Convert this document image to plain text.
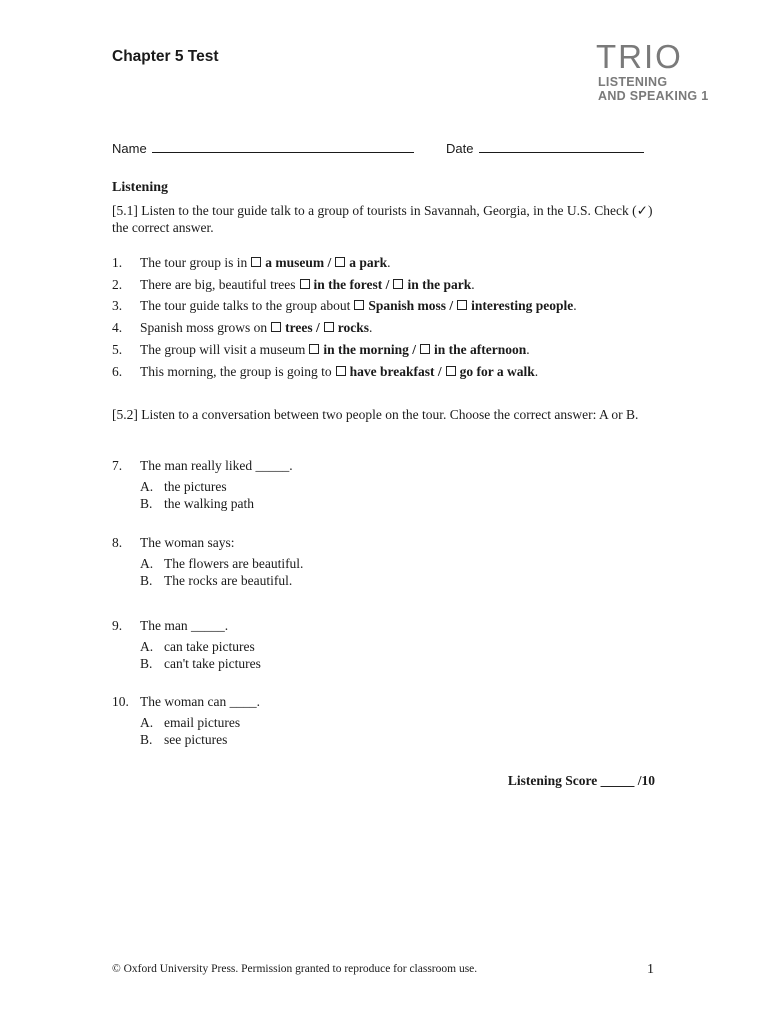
Chapter 5 Test	TRIO
LISTENING
AND SPEAKING 1
Name	Date
Listening
[5.1] Listen to the tour guide talk to a group of tourists in Savannah, Georgia, in the U.S. Check (✓) the correct answer.
1. The tour group is in a museum / a park.
2. There are big, beautiful trees in the forest / in the park.
3. The tour guide talks to the group about Spanish moss / interesting people.
4. Spanish moss grows on trees / rocks.
5. The group will visit a museum in the morning / in the afternoon.
6. This morning, the group is going to have breakfast / go for a walk.
[5.2] Listen to a conversation between two people on the tour. Choose the correct answer: A or B.
7. The man really liked _____.
A. the pictures
B. the walking path
8. The woman says:
A. The flowers are beautiful.
B. The rocks are beautiful.
9. The man _____.
A. can take pictures
B. can't take pictures
10. The woman can ____.
A. email pictures
B. see pictures
Listening Score _____ /10
© Oxford University Press. Permission granted to reproduce for classroom use.	1
